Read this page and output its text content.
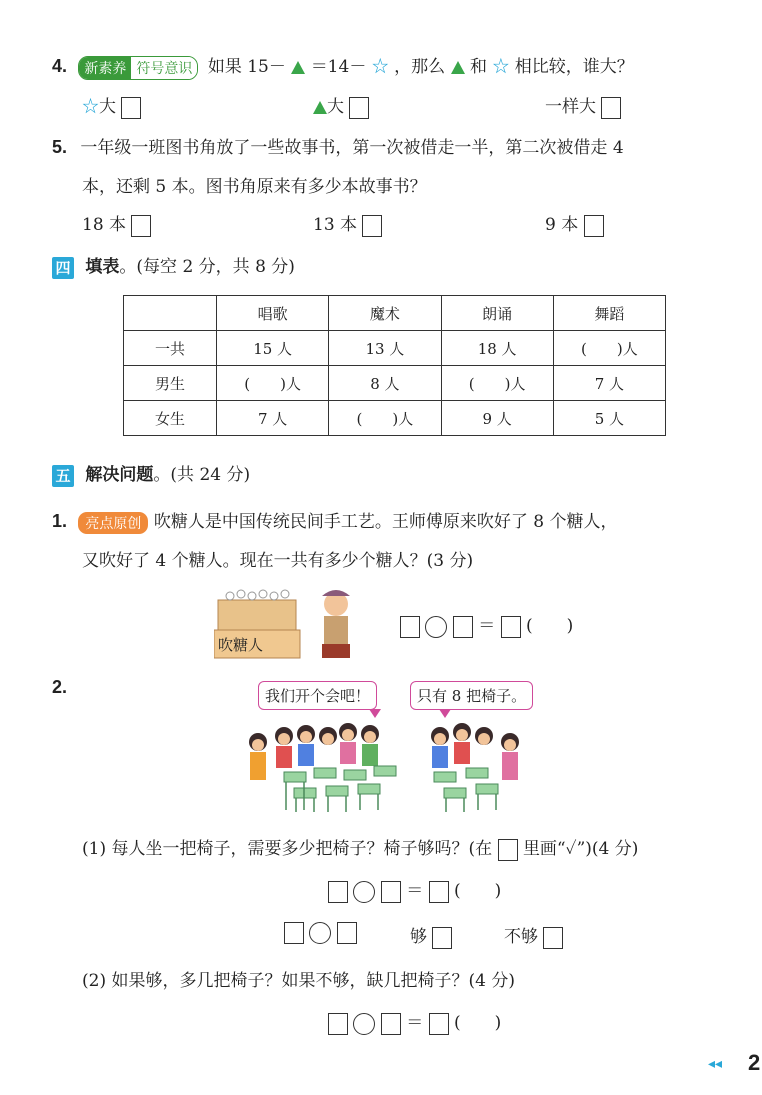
4.	新素养 符号意识 如果 15－ ＝14－ ☆ ，那么 和 ☆ 相比较，谁大？
☆大	大	一样大
5. 一年级一班图书角放了一些故事书，第一次被借走一半，第二次被借走 4
本，还剩 5 本。图书角原来有多少本故事书？
18 本	13 本	9 本
四 填表。(每空 2 分，共 8 分)
	唱歌	魔术	朗诵	舞蹈
一共	15 人	13 人	18 人	(　　)人
男生	(　　)人	8 人	(　　)人	7 人
女生	7 人	(　　)人	9 人	5 人
五 解决问题。(共 24 分)
1. 亮点原创 吹糖人是中国传统民间手工艺。王师傅原来吹好了 8 个糖人，
又吹好了 4 个糖人。现在一共有多少个糖人？(3 分)
吹糖人
＝ (　　)
2.	我们开个会吧！	只有 8 把椅子。
(1) 每人坐一把椅子，需要多少把椅子？椅子够吗？(在 里画“✓”)(4 分)
＝ (　　)

够	不够
(2) 如果够，多几把椅子？如果不够，缺几把椅子？(4 分)
＝ (　　)
◂◂ 2
